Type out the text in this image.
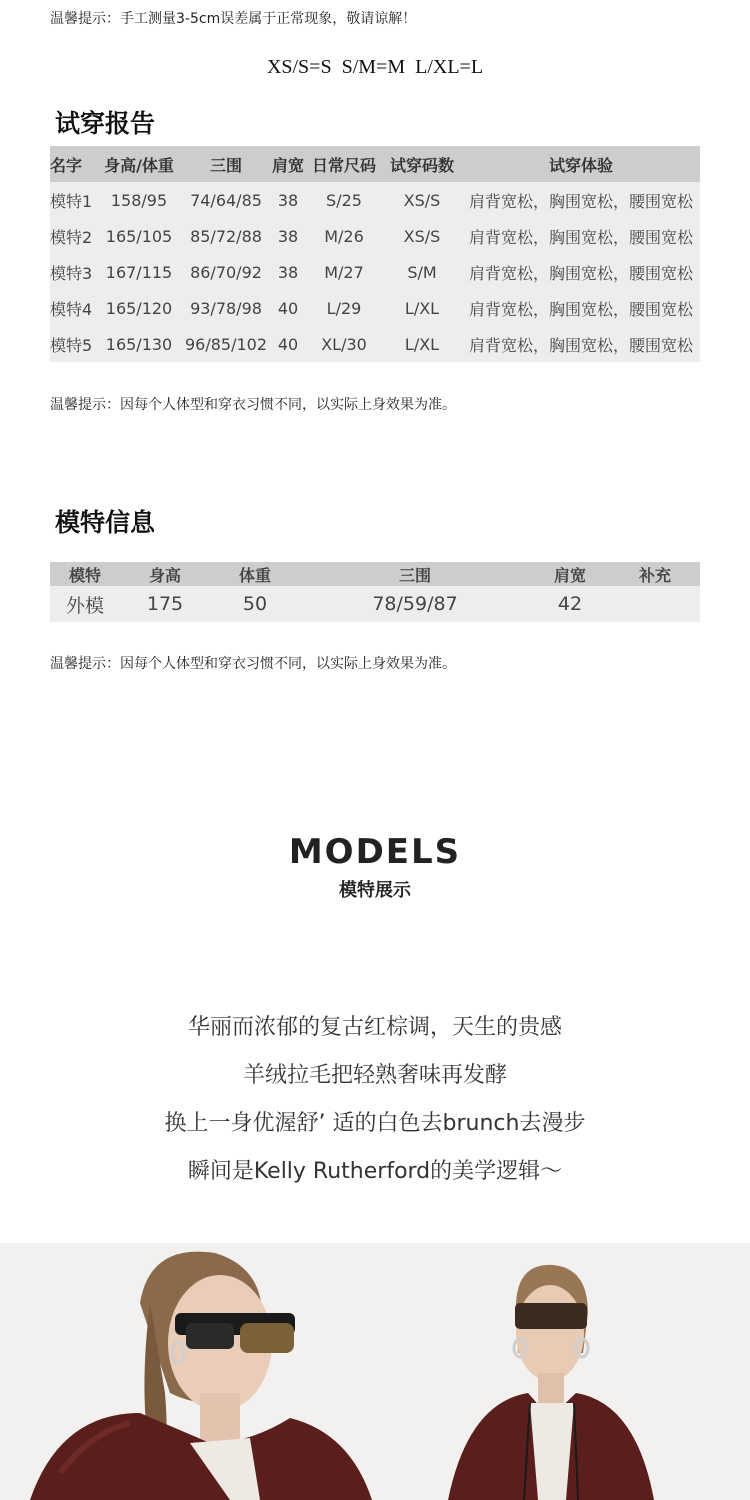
温馨提示：手工测量3-5cm误差属于正常现象，敬请谅解！
XS/S=S  S/M=M  L/XL=L
试穿报告
名字	身高/体重	三围	肩宽	日常尺码	试穿码数	试穿体验
模特1	158/95	74/64/85	38	S/25	XS/S	肩背宽松，胸围宽松，腰围宽松
模特2	165/105	85/72/88	38	M/26	XS/S	肩背宽松，胸围宽松，腰围宽松
模特3	167/115	86/70/92	38	M/27	S/M	肩背宽松，胸围宽松，腰围宽松
模特4	165/120	93/78/98	40	L/29	L/XL	肩背宽松，胸围宽松，腰围宽松
模特5	165/130	96/85/102	40	XL/30	L/XL	肩背宽松，胸围宽松，腰围宽松
温馨提示：因每个人体型和穿衣习惯不同，以实际上身效果为准。
模特信息
模特	身高	体重	三围	肩宽	补充
外模	175	50	78/59/87	42	
温馨提示：因每个人体型和穿衣习惯不同，以实际上身效果为准。
MODELS
模特展示
华丽而浓郁的复古红棕调，天生的贵感
羊绒拉毛把轻熟奢味再发酵
换上一身优渥舒’ 适的白色去brunch去漫步
瞬间是Kelly Rutherford的美学逻辑～
